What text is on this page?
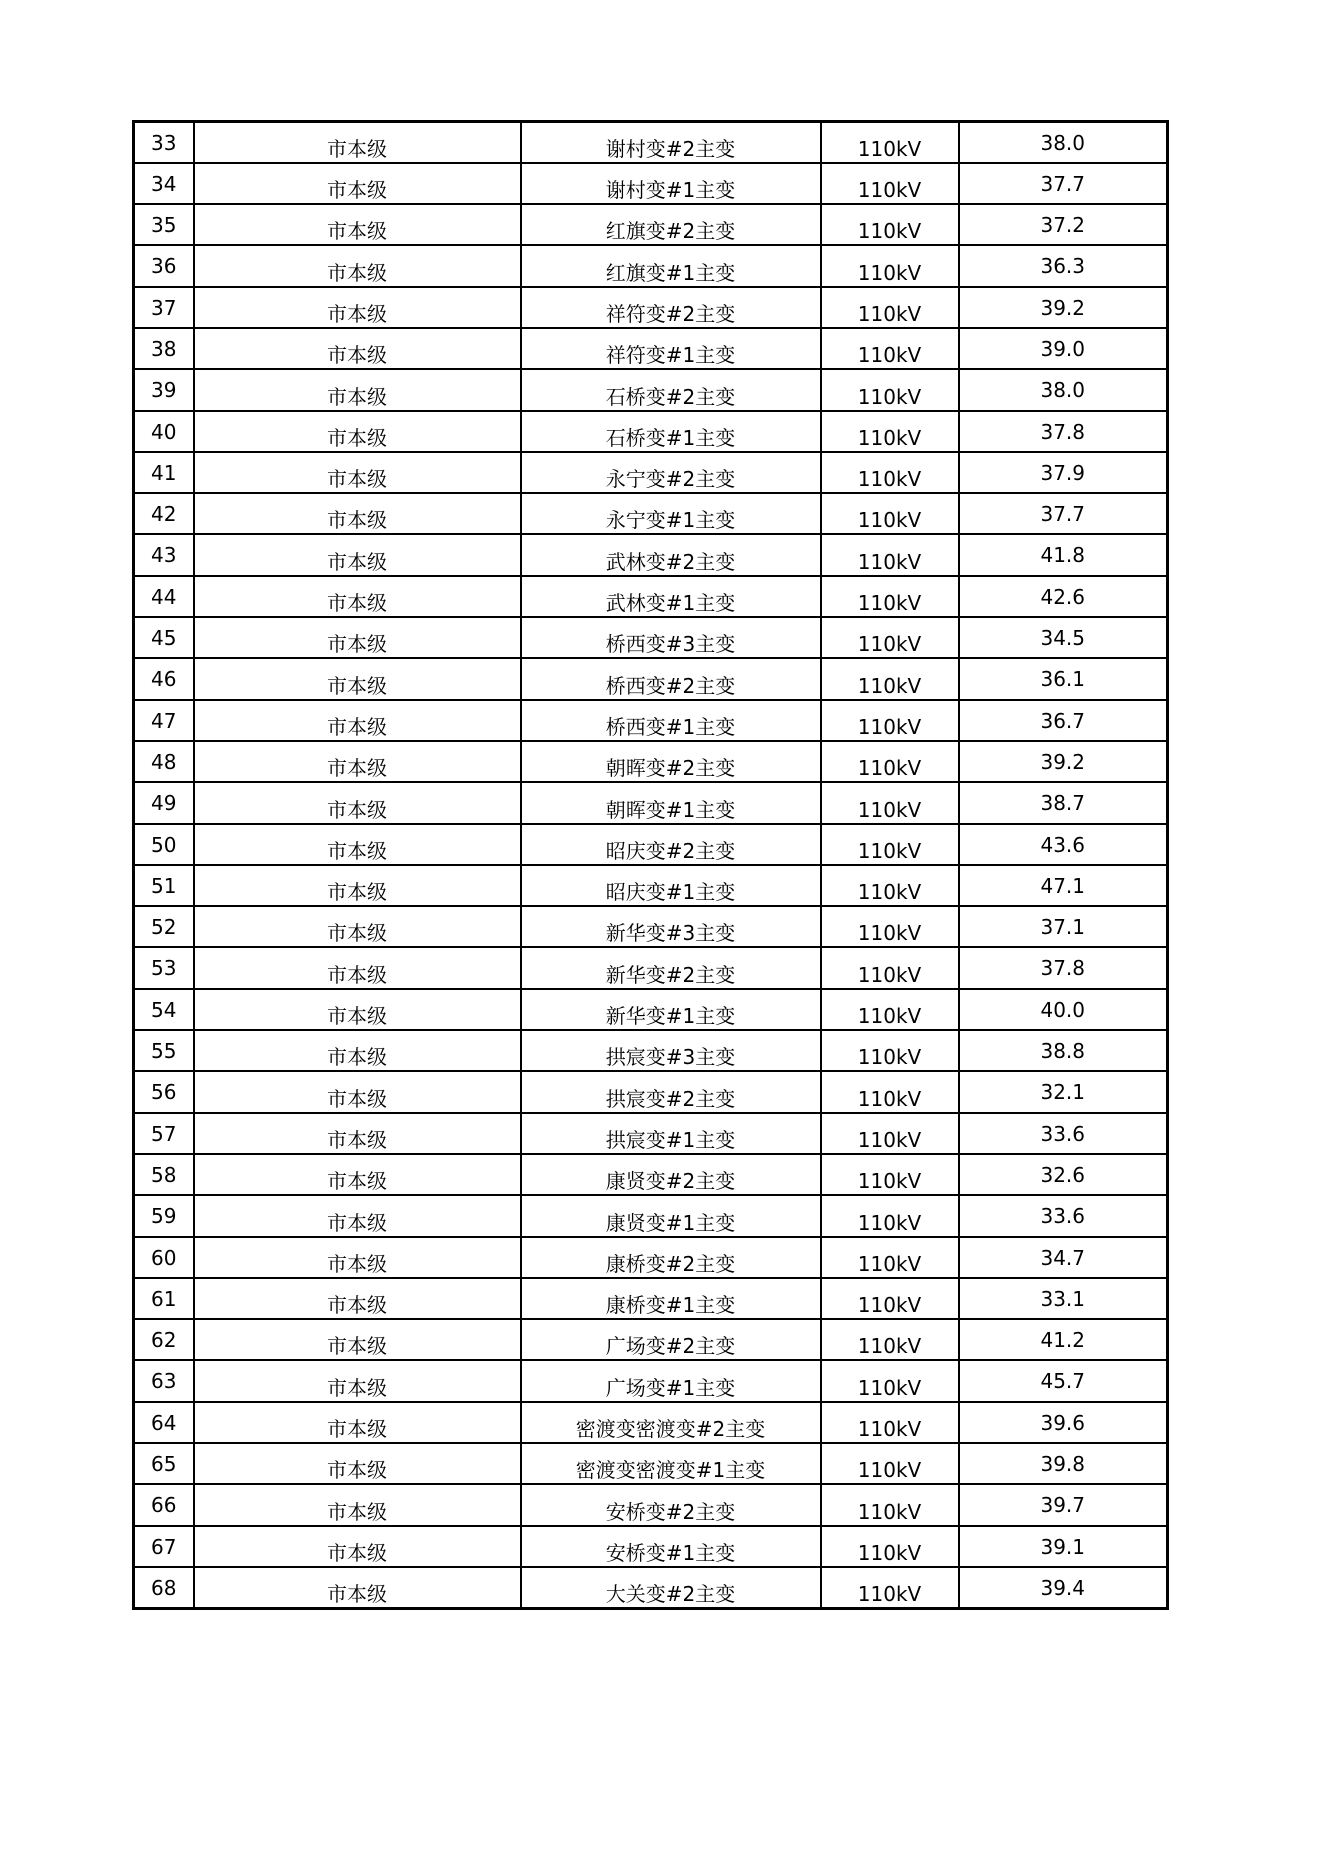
33	市本级	谢村变#2主变	110kV	38.0
34	市本级	谢村变#1主变	110kV	37.7
35	市本级	红旗变#2主变	110kV	37.2
36	市本级	红旗变#1主变	110kV	36.3
37	市本级	祥符变#2主变	110kV	39.2
38	市本级	祥符变#1主变	110kV	39.0
39	市本级	石桥变#2主变	110kV	38.0
40	市本级	石桥变#1主变	110kV	37.8
41	市本级	永宁变#2主变	110kV	37.9
42	市本级	永宁变#1主变	110kV	37.7
43	市本级	武林变#2主变	110kV	41.8
44	市本级	武林变#1主变	110kV	42.6
45	市本级	桥西变#3主变	110kV	34.5
46	市本级	桥西变#2主变	110kV	36.1
47	市本级	桥西变#1主变	110kV	36.7
48	市本级	朝晖变#2主变	110kV	39.2
49	市本级	朝晖变#1主变	110kV	38.7
50	市本级	昭庆变#2主变	110kV	43.6
51	市本级	昭庆变#1主变	110kV	47.1
52	市本级	新华变#3主变	110kV	37.1
53	市本级	新华变#2主变	110kV	37.8
54	市本级	新华变#1主变	110kV	40.0
55	市本级	拱宸变#3主变	110kV	38.8
56	市本级	拱宸变#2主变	110kV	32.1
57	市本级	拱宸变#1主变	110kV	33.6
58	市本级	康贤变#2主变	110kV	32.6
59	市本级	康贤变#1主变	110kV	33.6
60	市本级	康桥变#2主变	110kV	34.7
61	市本级	康桥变#1主变	110kV	33.1
62	市本级	广场变#2主变	110kV	41.2
63	市本级	广场变#1主变	110kV	45.7
64	市本级	密渡变密渡变#2主变	110kV	39.6
65	市本级	密渡变密渡变#1主变	110kV	39.8
66	市本级	安桥变#2主变	110kV	39.7
67	市本级	安桥变#1主变	110kV	39.1
68	市本级	大关变#2主变	110kV	39.4
